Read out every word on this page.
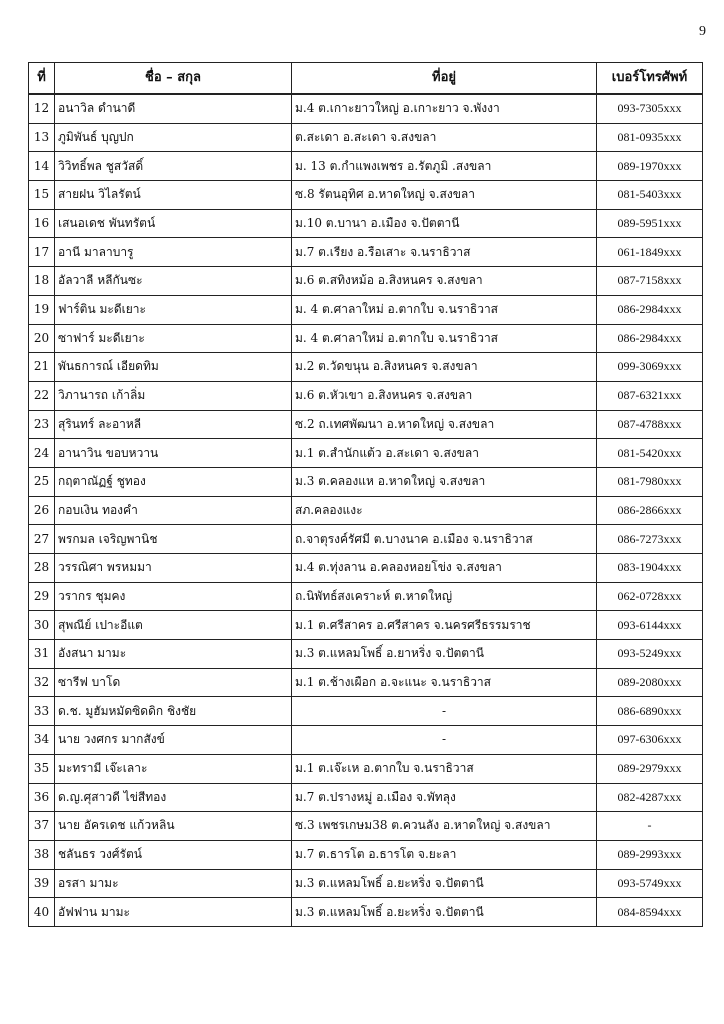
9
ที่	ชื่อ – สกุล	ที่อยู่	เบอร์โทรศัพท์
12	อนาวิล ดำนาดี	ม.4 ต.เกาะยาวใหญ่ อ.เกาะยาว จ.พังงา	093-7305xxx
13	ภูมิพันธ์ บุญปก	ต.สะเดา อ.สะเดา จ.สงขลา	081-0935xxx
14	วิวิทธิ์พล ชูสวัสดิ์	ม. 13 ต.กำแพงเพชร อ.รัตภูมิ .สงขลา	089-1970xxx
15	สายฝน วิไลรัตน์	ซ.8 รัตนอุทิศ อ.หาดใหญ่ จ.สงขลา	081-5403xxx
16	เสนอเดช พันทรัตน์	ม.10 ต.บานา อ.เมือง จ.ปัตตานี	089-5951xxx
17	อานี มาลาบารู	ม.7 ต.เรียง อ.รือเสาะ จ.นราธิวาส	061-1849xxx
18	อัลวาลี หลีกันซะ	ม.6 ต.สทิงหม้อ อ.สิงหนคร จ.สงขลา	087-7158xxx
19	ฟาร์ติน มะดีเยาะ	ม. 4 ต.ศาลาใหม่ อ.ตากใบ จ.นราธิวาส	086-2984xxx
20	ซาฟาร์ มะดีเยาะ	ม. 4 ต.ศาลาใหม่ อ.ตากใบ จ.นราธิวาส	086-2984xxx
21	พันธการณ์ เอียดทิม	ม.2 ต.วัดขนุน อ.สิงหนคร จ.สงขลา	099-3069xxx
22	วิภานารถ เก้าลิ่ม	ม.6 ต.หัวเขา อ.สิงหนคร จ.สงขลา	087-6321xxx
23	สุรินทร์ ละอาหลี	ซ.2 ถ.เทศพัฒนา อ.หาดใหญ่ จ.สงขลา	087-4788xxx
24	อานาวิน ขอบหวาน	ม.1 ต.สำนักแต้ว อ.สะเดา จ.สงขลา	081-5420xxx
25	กฤตาณัฏฐ์ ชูทอง	ม.3 ต.คลองแห อ.หาดใหญ่ จ.สงขลา	081-7980xxx
26	กอบเงิน ทองคำ	สภ.คลองแงะ	086-2866xxx
27	พรกมล เจริญพานิช	ถ.จาตุรงค์รัศมี ต.บางนาค อ.เมือง จ.นราธิวาส	086-7273xxx
28	วรรณิศา พรหมมา	ม.4 ต.ทุ่งลาน อ.คลองหอยโข่ง จ.สงขลา	083-1904xxx
29	วรากร ชุมคง	ถ.นิพัทธ์สงเคราะห์ ต.หาดใหญ่	062-0728xxx
30	สุพณีย์ เปาะอีแต	ม.1 ต.ศรีสาคร อ.ศรีสาคร จ.นครศรีธรรมราช	093-6144xxx
31	อังสนา มามะ	ม.3 ต.แหลมโพธิ์ อ.ยาหริ่ง จ.ปัตตานี	093-5249xxx
32	ซารีฟ บาโด	ม.1 ต.ช้างเผือก อ.จะแนะ จ.นราธิวาส	089-2080xxx
33	ด.ช. มูฮัมหมัดซิดดิก ชิงชัย	-	086-6890xxx
34	นาย วงศกร มากสังข์	-	097-6306xxx
35	มะทรามี เจ๊ะเลาะ	ม.1 ต.เจ๊ะเห อ.ตากใบ จ.นราธิวาส	089-2979xxx
36	ด.ญ.ศุสาวดี ไข่สีทอง	ม.7 ต.ปรางหมู่ อ.เมือง จ.พัทลุง	082-4287xxx
37	นาย อัครเดช แก้วหลิน	ซ.3 เพชรเกษม38 ต.ควนลัง อ.หาดใหญ่ จ.สงขลา	-
38	ชลันธร วงศ์รัตน์	ม.7 ต.ธารโต อ.ธารโต จ.ยะลา	089-2993xxx
39	อรสา มามะ	ม.3 ต.แหลมโพธิ์ อ.ยะหริ่ง จ.ปัตตานี	093-5749xxx
40	อัฟฟาน มามะ	ม.3 ต.แหลมโพธิ์ อ.ยะหริ่ง จ.ปัตตานี	084-8594xxx
